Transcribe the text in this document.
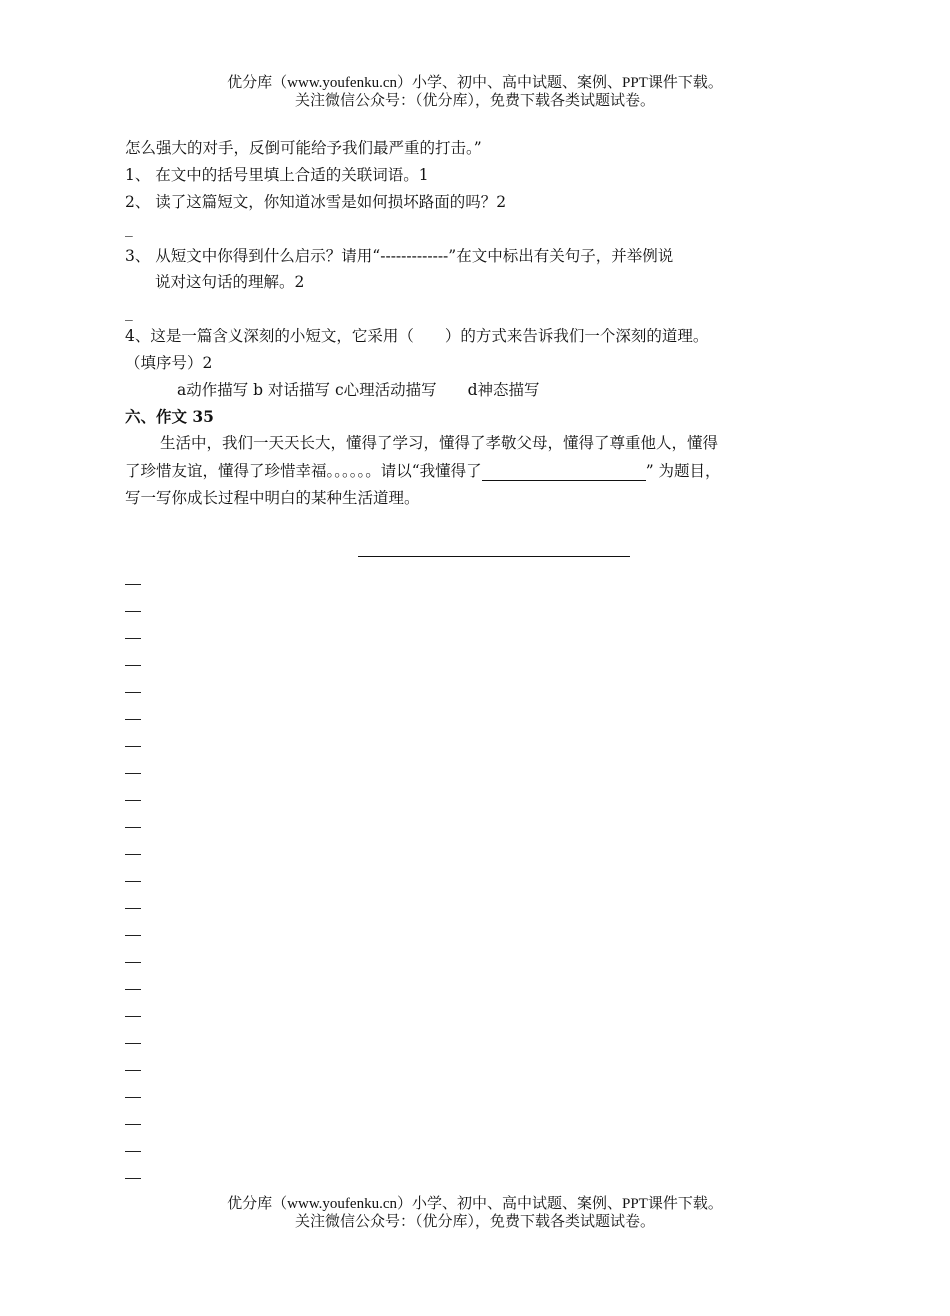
优分库（www.youfenku.cn）小学、初中、高中试题、案例、PPT课件下载。
关注微信公众号：（优分库），免费下载各类试题试卷。
怎么强大的对手，反倒可能给予我们最严重的打击。”
1、 在文中的括号里填上合适的关联词语。1
2、 读了这篇短文，你知道冰雪是如何损坏路面的吗？2
_
3、 从短文中你得到什么启示？请用“-------------”在文中标出有关句子，并举例说
说对这句话的理解。2
_
4、这是一篇含义深刻的小短文，它采用（　　）的方式来告诉我们一个深刻的道理。
（填序号）2
a动作描写 b 对话描写 c心理活动描写　　d神态描写
六、作文 35
生活中，我们一天天长大，懂得了学习，懂得了孝敬父母，懂得了尊重他人，懂得
了珍惜友谊，懂得了珍惜幸福。。。。。。请以“我懂得了	” 为题目，
写一写你成长过程中明白的某种生活道理。
优分库（www.youfenku.cn）小学、初中、高中试题、案例、PPT课件下载。
关注微信公众号：（优分库），免费下载各类试题试卷。
